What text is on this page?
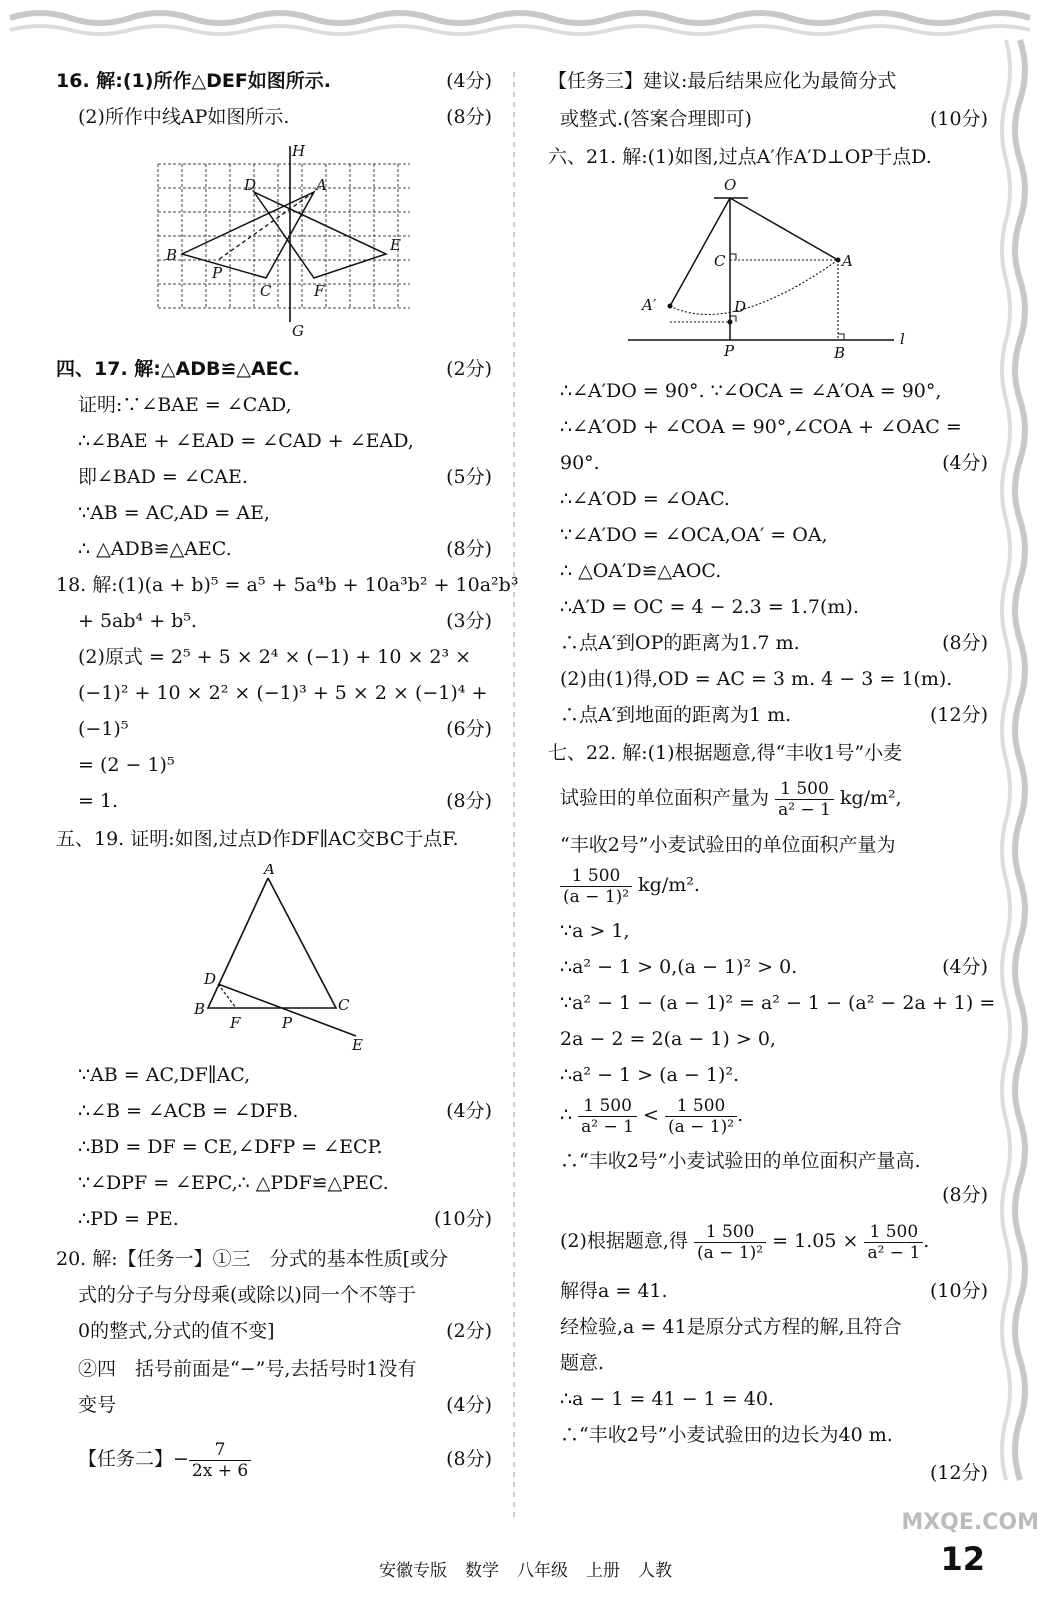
16. 解:(1)所作△DEF如图所示.	(4分)
(2)所作中线AP如图所示.	(8分)
H
G
D	A
B
E
P
C	F
四、17. 解:△ADB≌△AEC.	(2分)
证明:∵∠BAE = ∠CAD,
∴∠BAE + ∠EAD = ∠CAD + ∠EAD,
即∠BAD = ∠CAE.	(5分)
∵AB = AC,AD = AE,
∴ △ADB≌△AEC.	(8分)
18. 解:(1)(a + b)⁵ = a⁵ + 5a⁴b + 10a³b² + 10a²b³
+ 5ab⁴ + b⁵.	(3分)
(2)原式 = 2⁵ + 5 × 2⁴ × (−1) + 10 × 2³ ×
(−1)² + 10 × 2² × (−1)³ + 5 × 2 × (−1)⁴ +
(−1)⁵	(6分)
= (2 − 1)⁵
= 1.	(8分)
五、19. 证明:如图,过点D作DF∥AC交BC于点F.
A
D
B
F	P
C
E
∵AB = AC,DF∥AC,
∴∠B = ∠ACB = ∠DFB.	(4分)
∴BD = DF = CE,∠DFP = ∠ECP.
∵∠DPF = ∠EPC,∴ △PDF≌△PEC.
∴PD = PE.	(10分)
20. 解:【任务一】①三　分式的基本性质[或分
式的分子与分母乘(或除以)同一个不等于
0的整式,分式的值不变]	(2分)
②四　括号前面是“−”号,去括号时1没有
变号	(4分)
【任务二】− $\frac{7}{2x + 6}$	(8分)
【任务三】建议:最后结果应化为最简分式
或整式.(答案合理即可)	(10分)
六、21. 解:(1)如图,过点A′作A′D⊥OP于点D.
O
C	A
A′	D
P	B
l
∴∠A′DO = 90°. ∵∠OCA = ∠A′OA = 90°,
∴∠A′OD + ∠COA = 90°,∠COA + ∠OAC =
90°.	(4分)
∴∠A′OD = ∠OAC.
∵∠A′DO = ∠OCA,OA′ = OA,
∴ △OA′D≌△AOC.
∴A′D = OC = 4 − 2.3 = 1.7(m).
∴点A′到OP的距离为1.7 m.	(8分)
(2)由(1)得,OD = AC = 3 m. 4 − 3 = 1(m).
∴点A′到地面的距离为1 m.	(12分)
七、22. 解:(1)根据题意,得“丰收1号”小麦
试验田的单位面积产量为 $\frac{1 500}{\text{a² − 1}} kg/m^2$,
“丰收2号”小麦试验田的单位面积产量为
$\frac{1 500}{\text{(a − 1)²}} kg/m^2$.
∵a > 1,
∴a² − 1 > 0,(a − 1)² > 0.	(4分)
∵a² − 1 − (a − 1)² = a² − 1 − (a² − 2a + 1) =
2a − 2 = 2(a − 1) > 0,
∴a² − 1 > (a − 1)².
∴ $\frac{1 500}{\text{a² − 1}} < \frac{1 500}{\text{(a − 1)²}}$ .
∴“丰收2号”小麦试验田的单位面积产量高.
(8分)
(2)根据题意,得 $\frac{1 500}{\text{(a − 1)²}} = 1.05 \times \frac{1 500}{\text{a² − 1}}$ .
解得a = 41.	(10分)
经检验,a = 41是原分式方程的解,且符合
题意.
∴a − 1 = 41 − 1 = 40.
∴“丰收2号”小麦试验田的边长为40 m.
(12分)
安徽专版 数学 八年级 上册 人教	12
MXQE.COM
